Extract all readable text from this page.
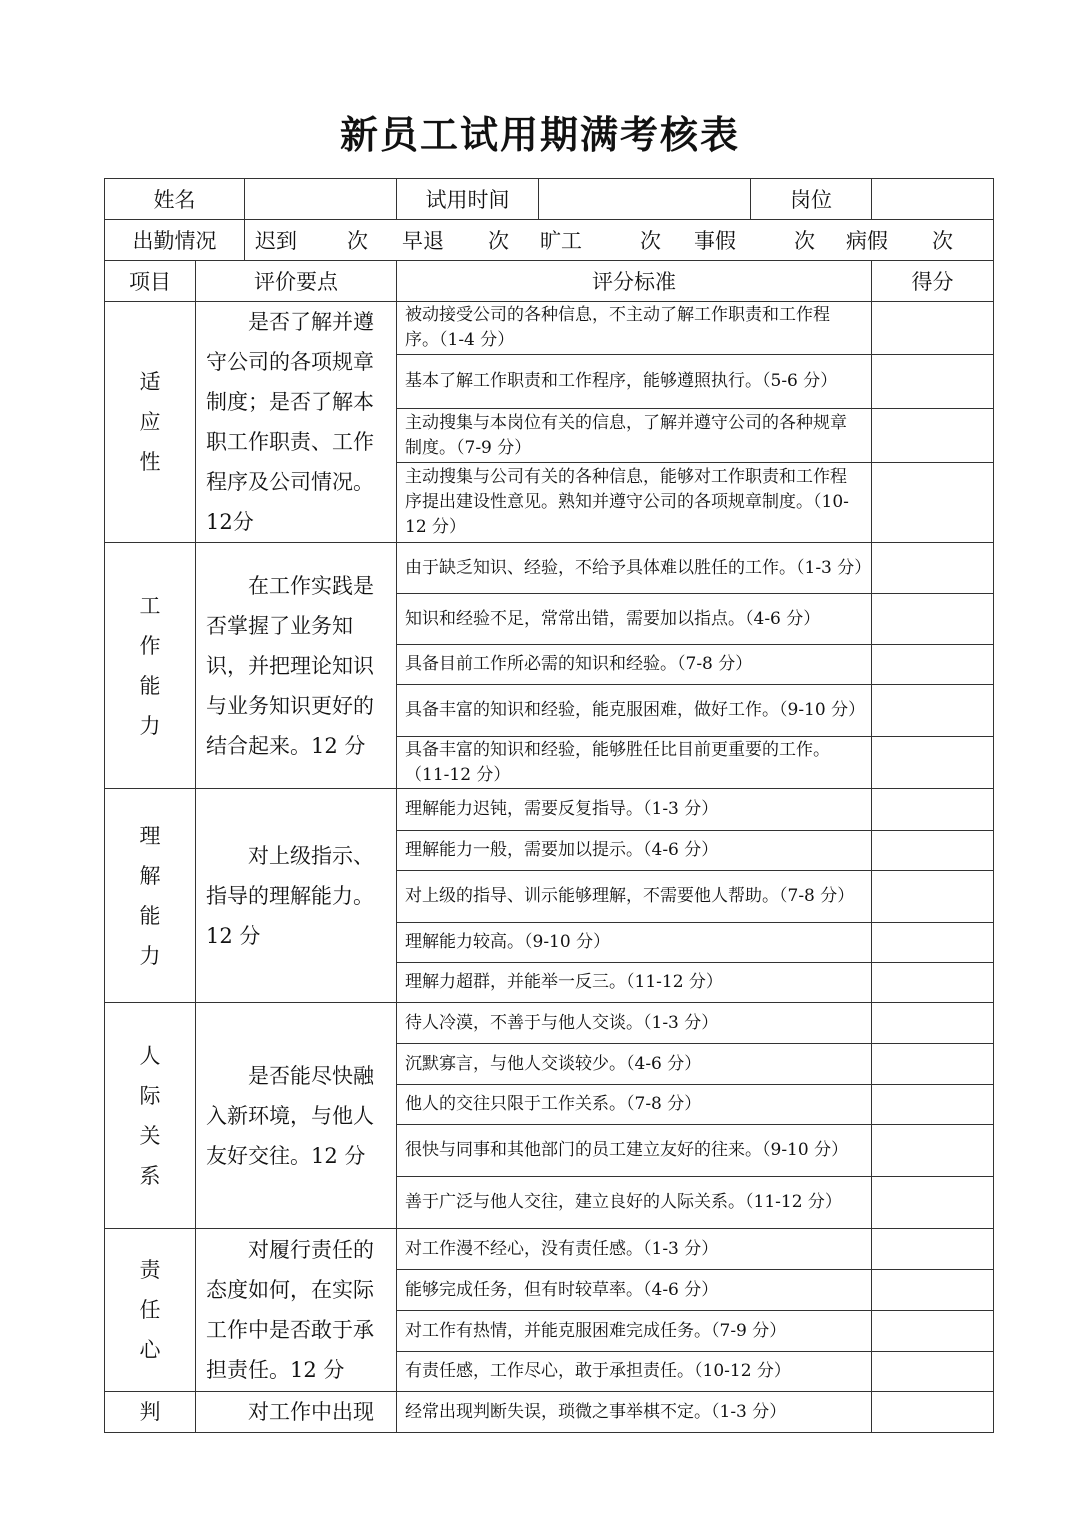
新员工试用期满考核表
姓名			试用时间		岗位	
出勤情况		迟到 次 早退 次 旷工 次 事假 次 病假 次				
项目	评价要点		评分标准			得分
适
应
性	是否了解并遵守公司的各项规章制度；是否了解本职工作职责、工作程序及公司情况。12分		被动接受公司的各种信息，不主动了解工作职责和工作程序。（1-4 分）			
			基本了解工作职责和工作程序，能够遵照执行。（5-6 分）			
			主动搜集与本岗位有关的信息，了解并遵守公司的各种规章制度。（7-9 分）			
			主动搜集与公司有关的各种信息，能够对工作职责和工作程序提出建设性意见。熟知并遵守公司的各项规章制度。（10-12 分）			
工
作
能
力	在工作实践是否掌握了业务知识，并把理论知识与业务知识更好的结合起来。12 分		由于缺乏知识、经验，不给予具体难以胜任的工作。（1-3 分）			
			知识和经验不足，常常出错，需要加以指点。（4-6 分）			
			具备目前工作所必需的知识和经验。（7-8 分）			
			具备丰富的知识和经验，能克服困难，做好工作。（9-10 分）			
			具备丰富的知识和经验，能够胜任比目前更重要的工作。（11-12 分）			
理
解
能
力	对上级指示、指导的理解能力。12 分		理解能力迟钝，需要反复指导。（1-3 分）			
			理解能力一般，需要加以提示。（4-6 分）			
			对上级的指导、训示能够理解，不需要他人帮助。（7-8 分）			
			理解能力较高。（9-10 分）			
			理解力超群，并能举一反三。（11-12 分）			
人
际
关
系	是否能尽快融入新环境，与他人友好交往。12 分		待人冷漠，不善于与他人交谈。（1-3 分）			
			沉默寡言，与他人交谈较少。（4-6 分）			
			他人的交往只限于工作关系。（7-8 分）			
			很快与同事和其他部门的员工建立友好的往来。（9-10 分）			
			善于广泛与他人交往，建立良好的人际关系。（11-12 分）			
责
任
心	对履行责任的态度如何，在实际工作中是否敢于承担责任。12 分		对工作漫不经心，没有责任感。（1-3 分）			
			能够完成任务，但有时较草率。（4-6 分）			
			对工作有热情，并能克服困难完成任务。（7-9 分）			
			有责任感，工作尽心，敢于承担责任。（10-12 分）			
判	对工作中出现		经常出现判断失误，琐微之事举棋不定。（1-3 分）			
